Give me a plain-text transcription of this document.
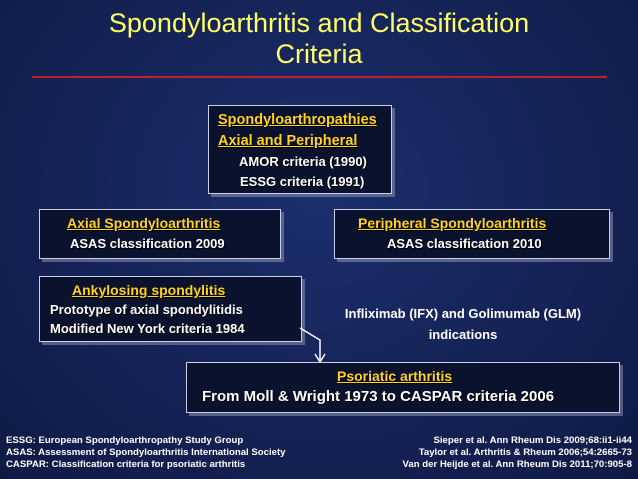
Spondyloarthritis and Classification
Criteria
Spondyloarthropathies
Axial and Peripheral
AMOR criteria (1990)
ESSG criteria (1991)
Axial Spondyloarthritis
ASAS classification 2009
Peripheral Spondyloarthritis
ASAS classification 2010
Ankylosing spondylitis
Prototype of axial spondylitidis
Modified New York criteria 1984
Infliximab (IFX) and Golimumab (GLM)
indications
Psoriatic arthritis
From Moll & Wright 1973 to CASPAR criteria 2006
ESSG: European Spondyloarthropathy Study Group
ASAS: Assessment of Spondyloarthritis International Society
CASPAR: Classification criteria for psoriatic arthritis
Sieper et al. Ann Rheum Dis 2009;68:ii1-ii44
Taylor et al. Arthritis & Rheum 2006;54:2665-73
Van der Heijde et al. Ann Rheum Dis 2011;70:905-8
